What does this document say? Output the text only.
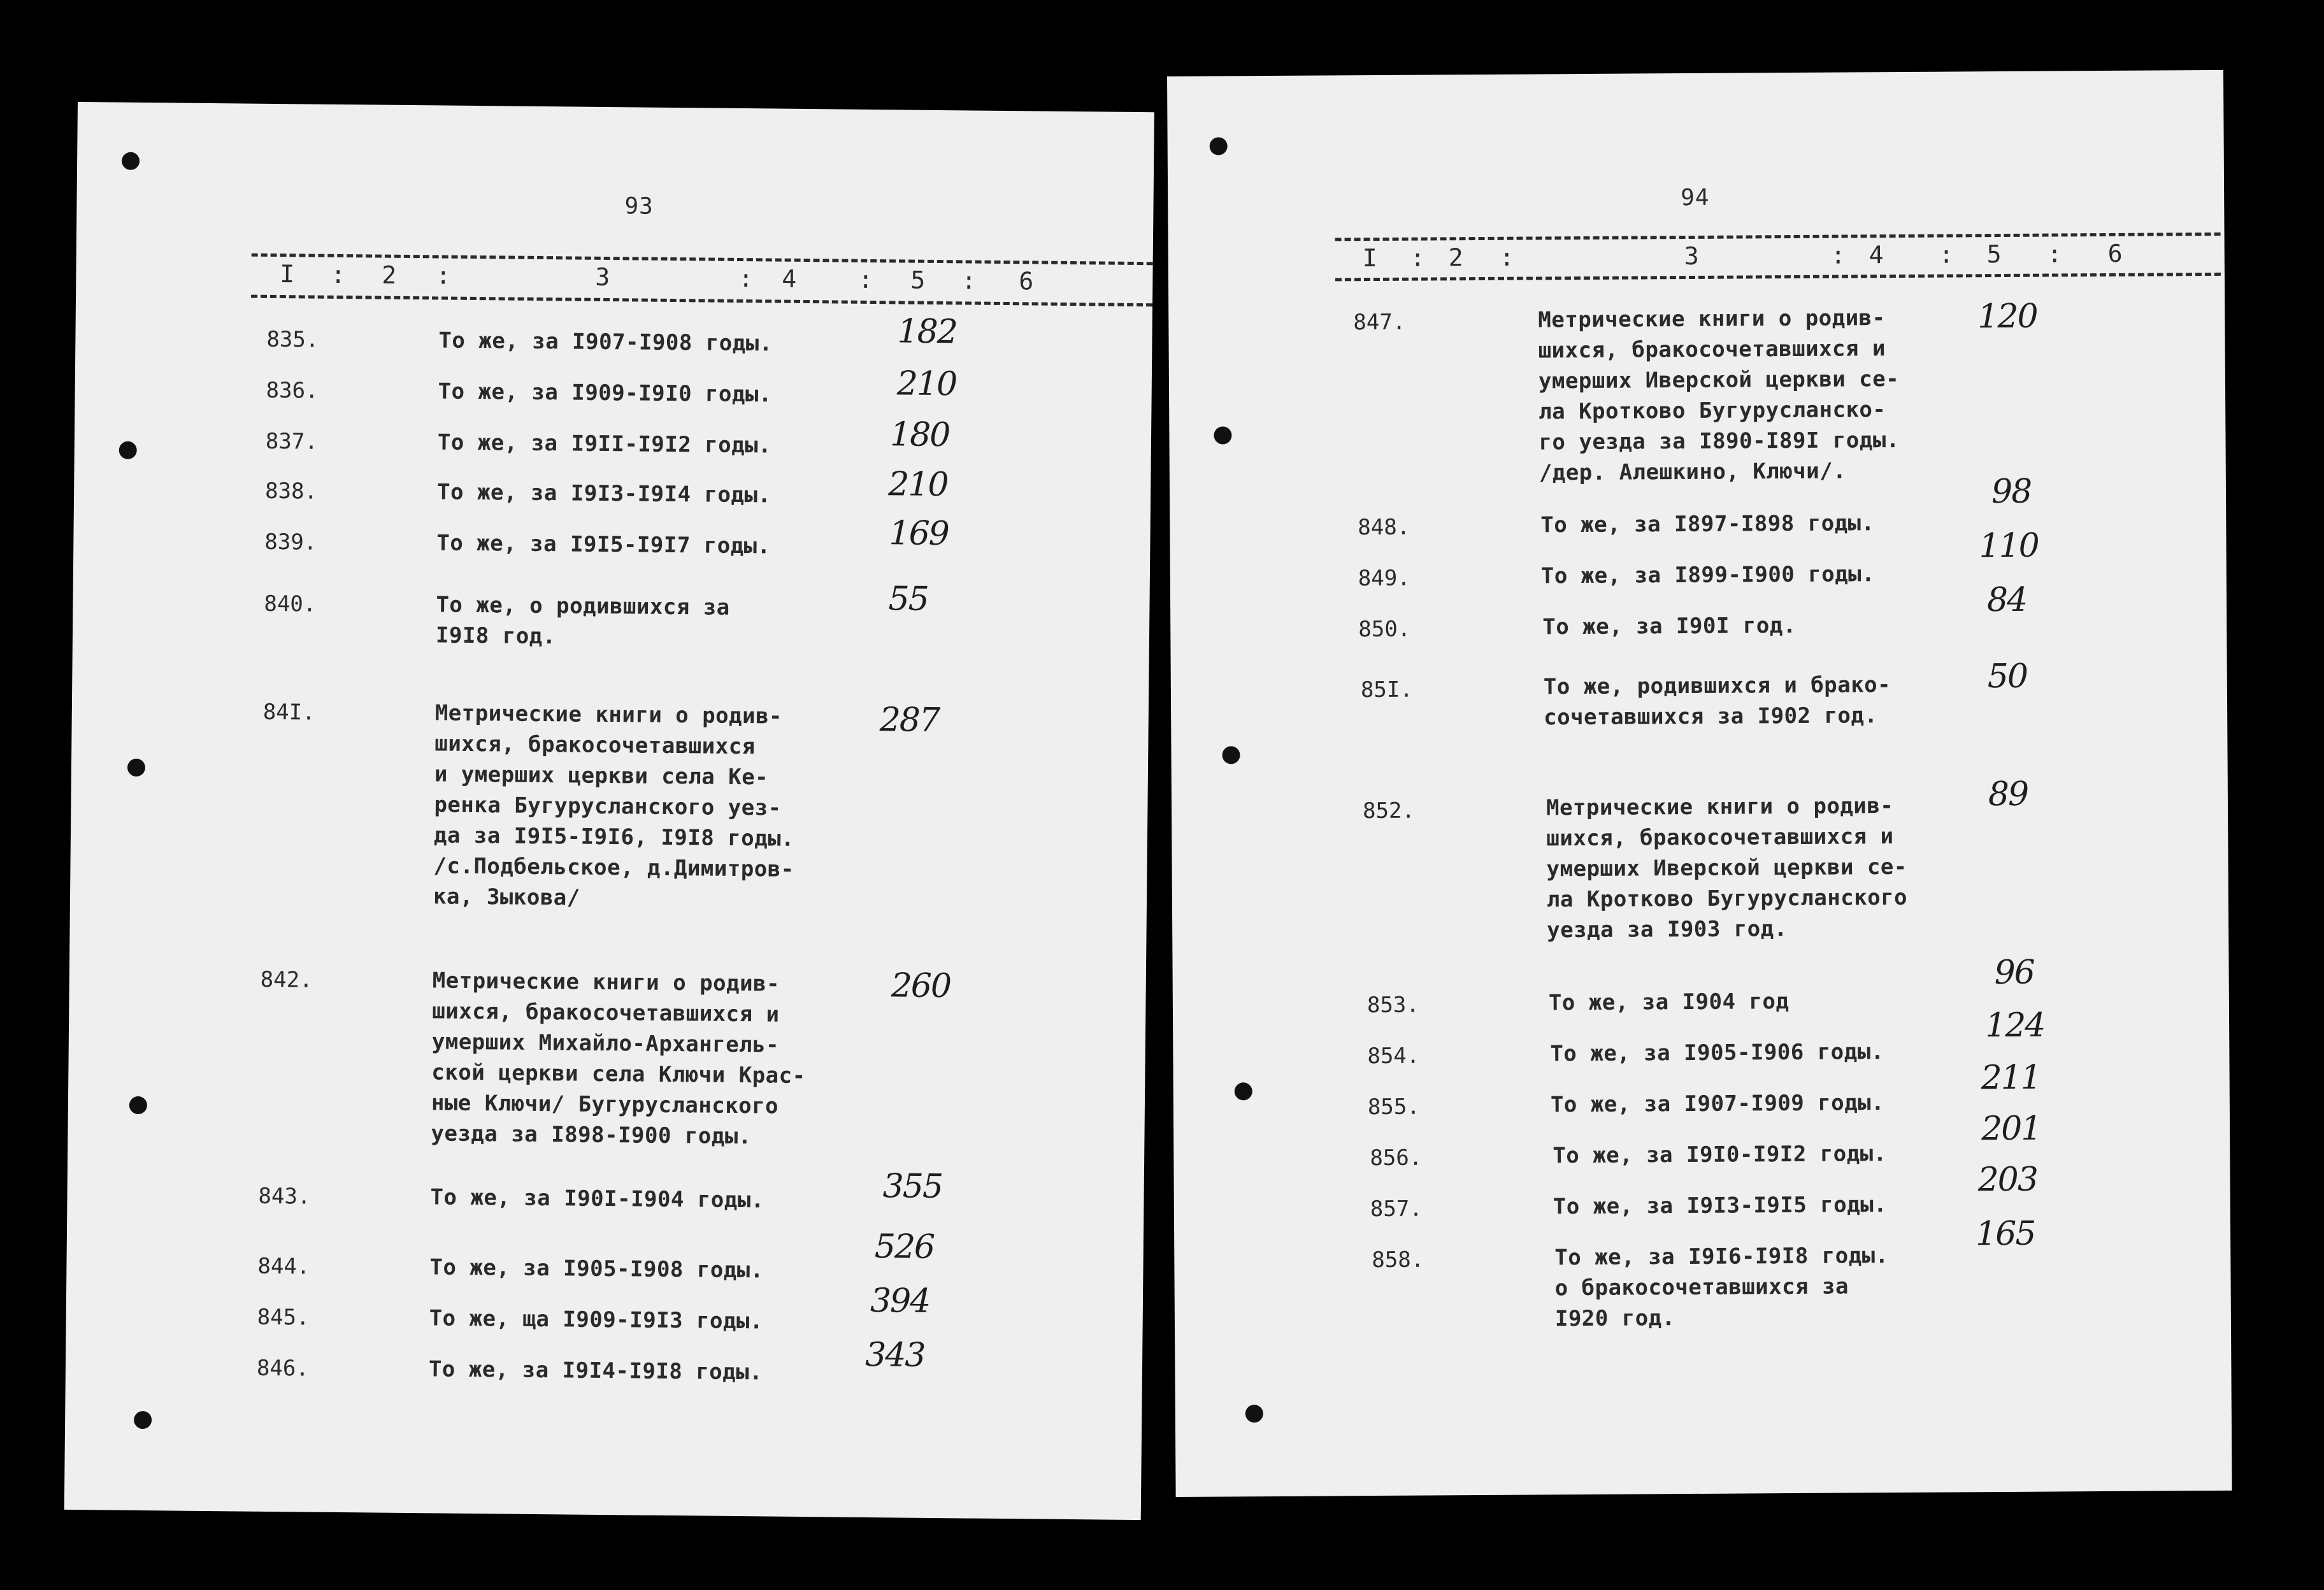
93
I : 2 :	3	: 4	: 5 : 6
835.	То же, за I907-I908 годы.	182
836.	То же, за I909-I9I0 годы.	210
837.	То же, за I9II-I9I2 годы.	180
838.	То же, за I9I3-I9I4 годы.	210
839.	То же, за I9I5-I9I7 годы.	169
840.	То же, о родившихся за
I9I8 год.
55
84I.	Метрические книги о родив-
шихся, бракосочетавшихся
и умерших церкви села Ке-
ренка Бугурусланского уез-
да за I9I5-I9I6, I9I8 годы.
/с.Подбельское, д.Димитров-
ка, Зыкова/
287
842.	Метрические книги о родив-
шихся, бракосочетавшихся и
умерших Михайло-Архангель-
ской церкви села Ключи Крас-
ные Ключи/ Бугурусланского
уезда за I898-I900 годы.
260
843.	То же, за I90I-I904 годы.	355
844.	То же, за I905-I908 годы.
526
845.	То же, ща I909-I9I3 годы.	394
846.	То же, за I9I4-I9I8 годы.	343
94
I : 2 :	3	: 4 : 5 : 6
847.	Метрические книги о родив-
шихся, бракосочетавшихся и
умерших Иверской церкви се-
ла Кротково Бугурусланско-
го уезда за I890-I89I годы.
/дер. Алешкино, Ключи/.
120
848.	То же, за I897-I898 годы.
98
849.	То же, за I899-I900 годы.
110
850.	То же, за I90I год.
84
85I.	То же, родившихся и брако-
сочетавшихся за I902 год.
50
852.	Метрические книги о родив-
шихся, бракосочетавшихся и
умерших Иверской церкви се-
ла Кротково Бугурусланского
уезда за I903 год.
89
853.	То же, за I904 год
96
854.	То же, за I905-I906 годы.
124
855.	То же, за I907-I909 годы.
211
856.	То же, за I9I0-I9I2 годы.
201
857.	То же, за I9I3-I9I5 годы.
203
858.	То же, за I9I6-I9I8 годы.
о бракосочетавшихся за
I920 год.
165
